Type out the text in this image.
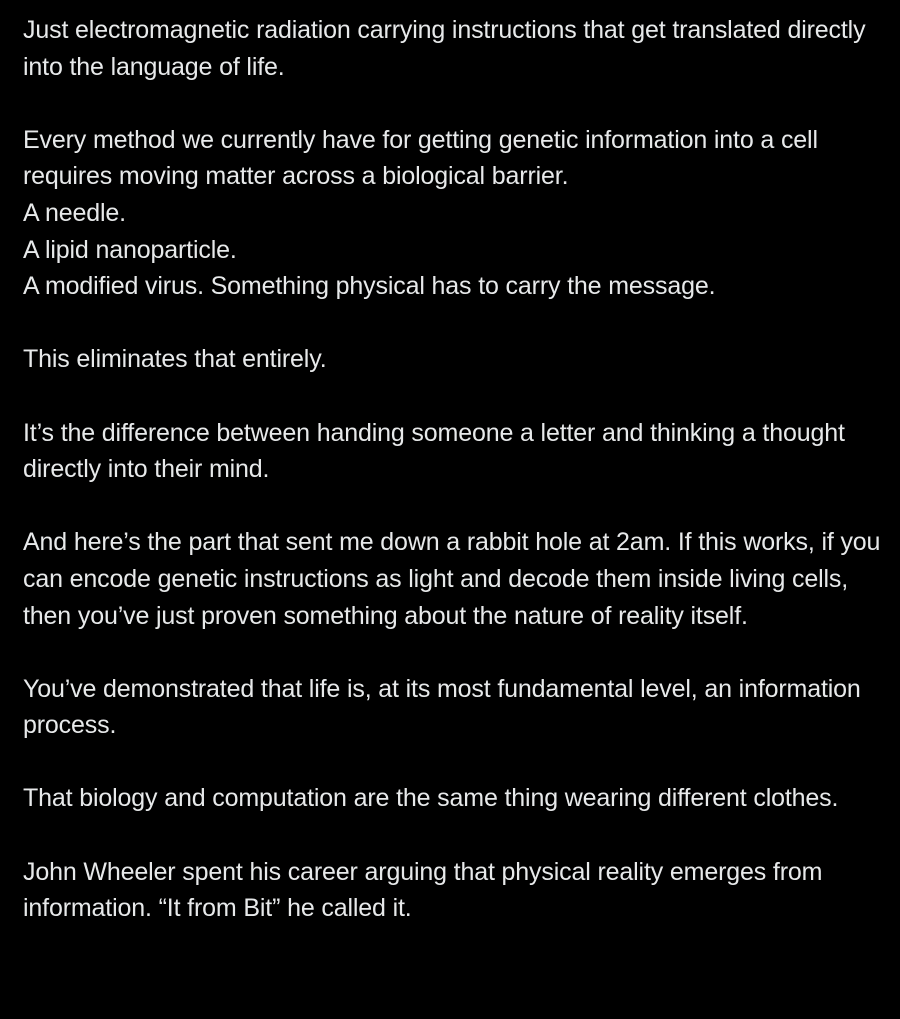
Just electromagnetic radiation carrying instructions that get translated directly into the language of life.

Every method we currently have for getting genetic information into a cell requires moving matter across a biological barrier.
A needle.
A lipid nanoparticle.
A modified virus. Something physical has to carry the message.

This eliminates that entirely.

It’s the difference between handing someone a letter and thinking a thought directly into their mind.

And here’s the part that sent me down a rabbit hole at 2am. If this works, if you can encode genetic instructions as light and decode them inside living cells, then you’ve just proven something about the nature of reality itself.

You’ve demonstrated that life is, at its most fundamental level, an information process.

That biology and computation are the same thing wearing different clothes.

John Wheeler spent his career arguing that physical reality emerges from information. “It from Bit” he called it.
